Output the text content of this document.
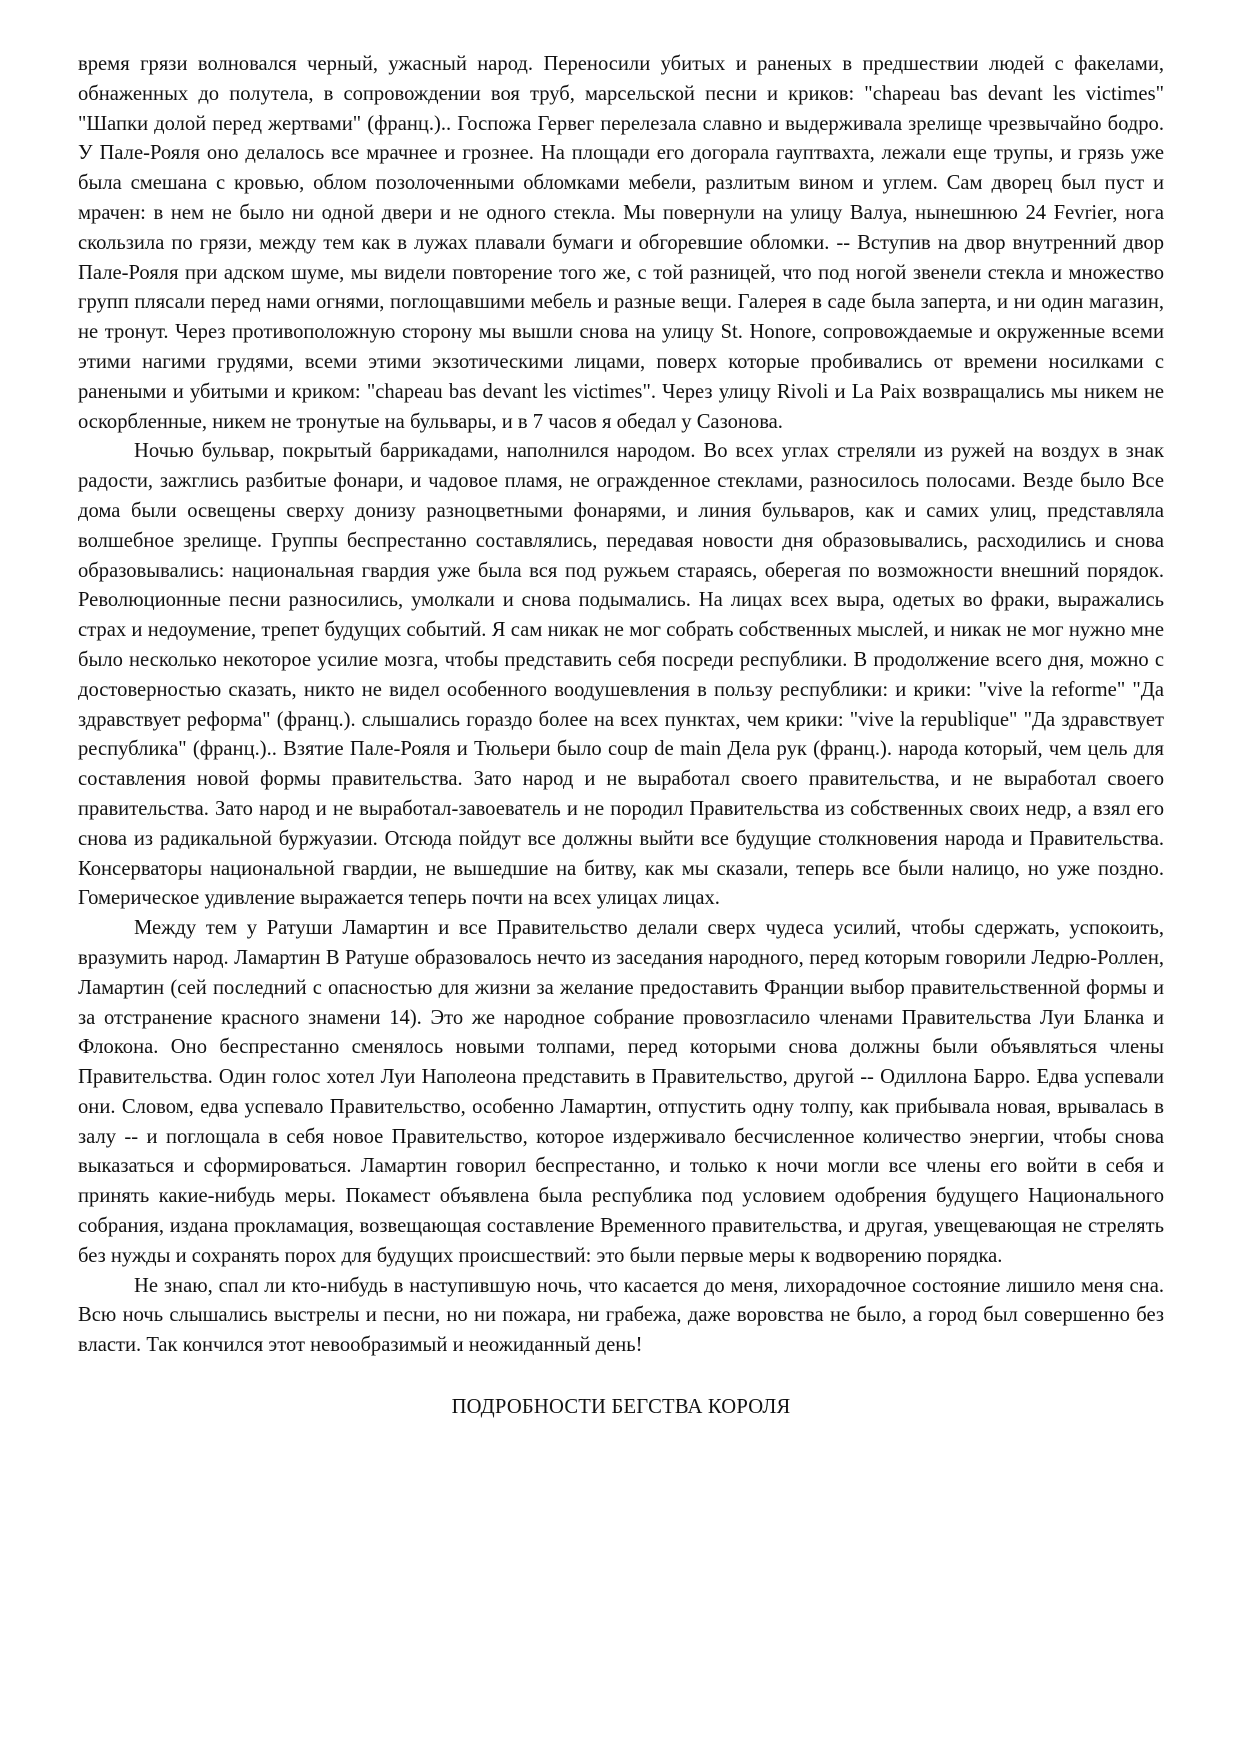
время грязи волновался черный, ужасный народ. Переносили убитых и раненых в предшествии людей с факелами, обнаженных до полутела, в сопровождении воя труб, марсельской песни и криков: "chapeau bas devant les victimes" "Шапки долой перед жертвами" (франц.).. Госпожа Гервег перелезала славно и выдерживала зрелище чрезвычайно бодро. У Пале-Рояля оно делалось все мрачнее и грознее. На площади его догорала гауптвахта, лежали еще трупы, и грязь уже была смешана с кровью, облом позолоченными обломками мебели, разлитым вином и углем. Сам дворец был пуст и мрачен: в нем не было ни одной двери и не одного стекла. Мы повернули на улицу Валуа, нынешнюю 24 Fevrier, нога скользила по грязи, между тем как в лужах плавали бумаги и обгоревшие обломки. -- Вступив на двор внутренний двор Пале-Рояля при адском шуме, мы видели повторение того же, с той разницей, что под ногой звенели стекла и множество групп плясали перед нами огнями, поглощавшими мебель и разные вещи. Галерея в саде была заперта, и ни один магазин, не тронут. Через противоположную сторону мы вышли снова на улицу St. Honore, сопровождаемые и окруженные всеми этими нагими грудями, всеми этими экзотическими лицами, поверх которые пробивались от времени носилками с ранеными и убитыми и криком: "chapeau bas devant les victimes". Через улицу Rivoli и La Paix возвращались мы никем не оскорбленные, никем не тронутые на бульвары, и в 7 часов я обедал у Сазонова.

Ночью бульвар, покрытый баррикадами, наполнился народом. Во всех углах стреляли из ружей на воздух в знак радости, зажглись разбитые фонари, и чадовое пламя, не огражденное стеклами, разносилось полосами. Везде было Все дома были освещены сверху донизу разноцветными фонарями, и линия бульваров, как и самих улиц, представляла волшебное зрелище. Группы беспрестанно составлялись, передавая новости дня образовывались, расходились и снова образовывались: национальная гвардия уже была вся под ружьем стараясь, оберегая по возможности внешний порядок. Революционные песни разносились, умолкали и снова подымались. На лицах всех выра, одетых во фраки, выражались страх и недоумение, трепет будущих событий. Я сам никак не мог собрать собственных мыслей, и никак не мог нужно мне было несколько некоторое усилие мозга, чтобы представить себя посреди республики. В продолжение всего дня, можно с достоверностью сказать, никто не видел особенного воодушевления в пользу республики: и крики: "vive la reforme" "Да здравствует реформа" (франц.). слышались гораздо более на всех пунктах, чем крики: "vive la republique" "Да здравствует республика" (франц.).. Взятие Пале-Рояля и Тюльери было coup de main Дела рук (франц.). народа который, чем цель для составления новой формы правительства. Зато народ и не выработал своего правительства, и не выработал своего правительства. Зато народ и не выработал-завоеватель и не породил Правительства из собственных своих недр, а взял его снова из радикальной буржуазии. Отсюда пойдут все должны выйти все будущие столкновения народа и Правительства. Консерваторы национальной гвардии, не вышедшие на битву, как мы сказали, теперь все были налицо, но уже поздно. Гомерическое удивление выражается теперь почти на всех улицах лицах.

Между тем у Ратуши Ламартин и все Правительство делали сверх чудеса усилий, чтобы сдержать, успокоить, вразумить народ. Ламартин В Ратуше образовалось нечто из заседания народного, перед которым говорили Ледрю-Роллен, Ламартин (сей последний с опасностью для жизни за желание предоставить Франции выбор правительственной формы и за отстранение красного знамени 14). Это же народное собрание провозгласило членами Правительства Луи Бланка и Флокона. Оно беспрестанно сменялось новыми толпами, перед которыми снова должны были объявляться члены Правительства. Один голос хотел Луи Наполеона представить в Правительство, другой -- Одиллона Барро. Едва успевали они. Словом, едва успевало Правительство, особенно Ламартин, отпустить одну толпу, как прибывала новая, врывалась в залу -- и поглощала в себя новое Правительство, которое издерживало бесчисленное количество энергии, чтобы снова выказаться и сформироваться. Ламартин говорил беспрестанно, и только к ночи могли все члены его войти в себя и принять какие-нибудь меры. Покамест объявлена была республика под условием одобрения будущего Национального собрания, издана прокламация, возвещающая составление Временного правительства, и другая, увещевающая не стрелять без нужды и сохранять порох для будущих происшествий: это были первые меры к водворению порядка.

Не знаю, спал ли кто-нибудь в наступившую ночь, что касается до меня, лихорадочное состояние лишило меня сна. Всю ночь слышались выстрелы и песни, но ни пожара, ни грабежа, даже воровства не было, а город был совершенно без власти. Так кончился этот невообразимый и неожиданный день!

ПОДРОБНОСТИ БЕГСТВА КОРОЛЯ
